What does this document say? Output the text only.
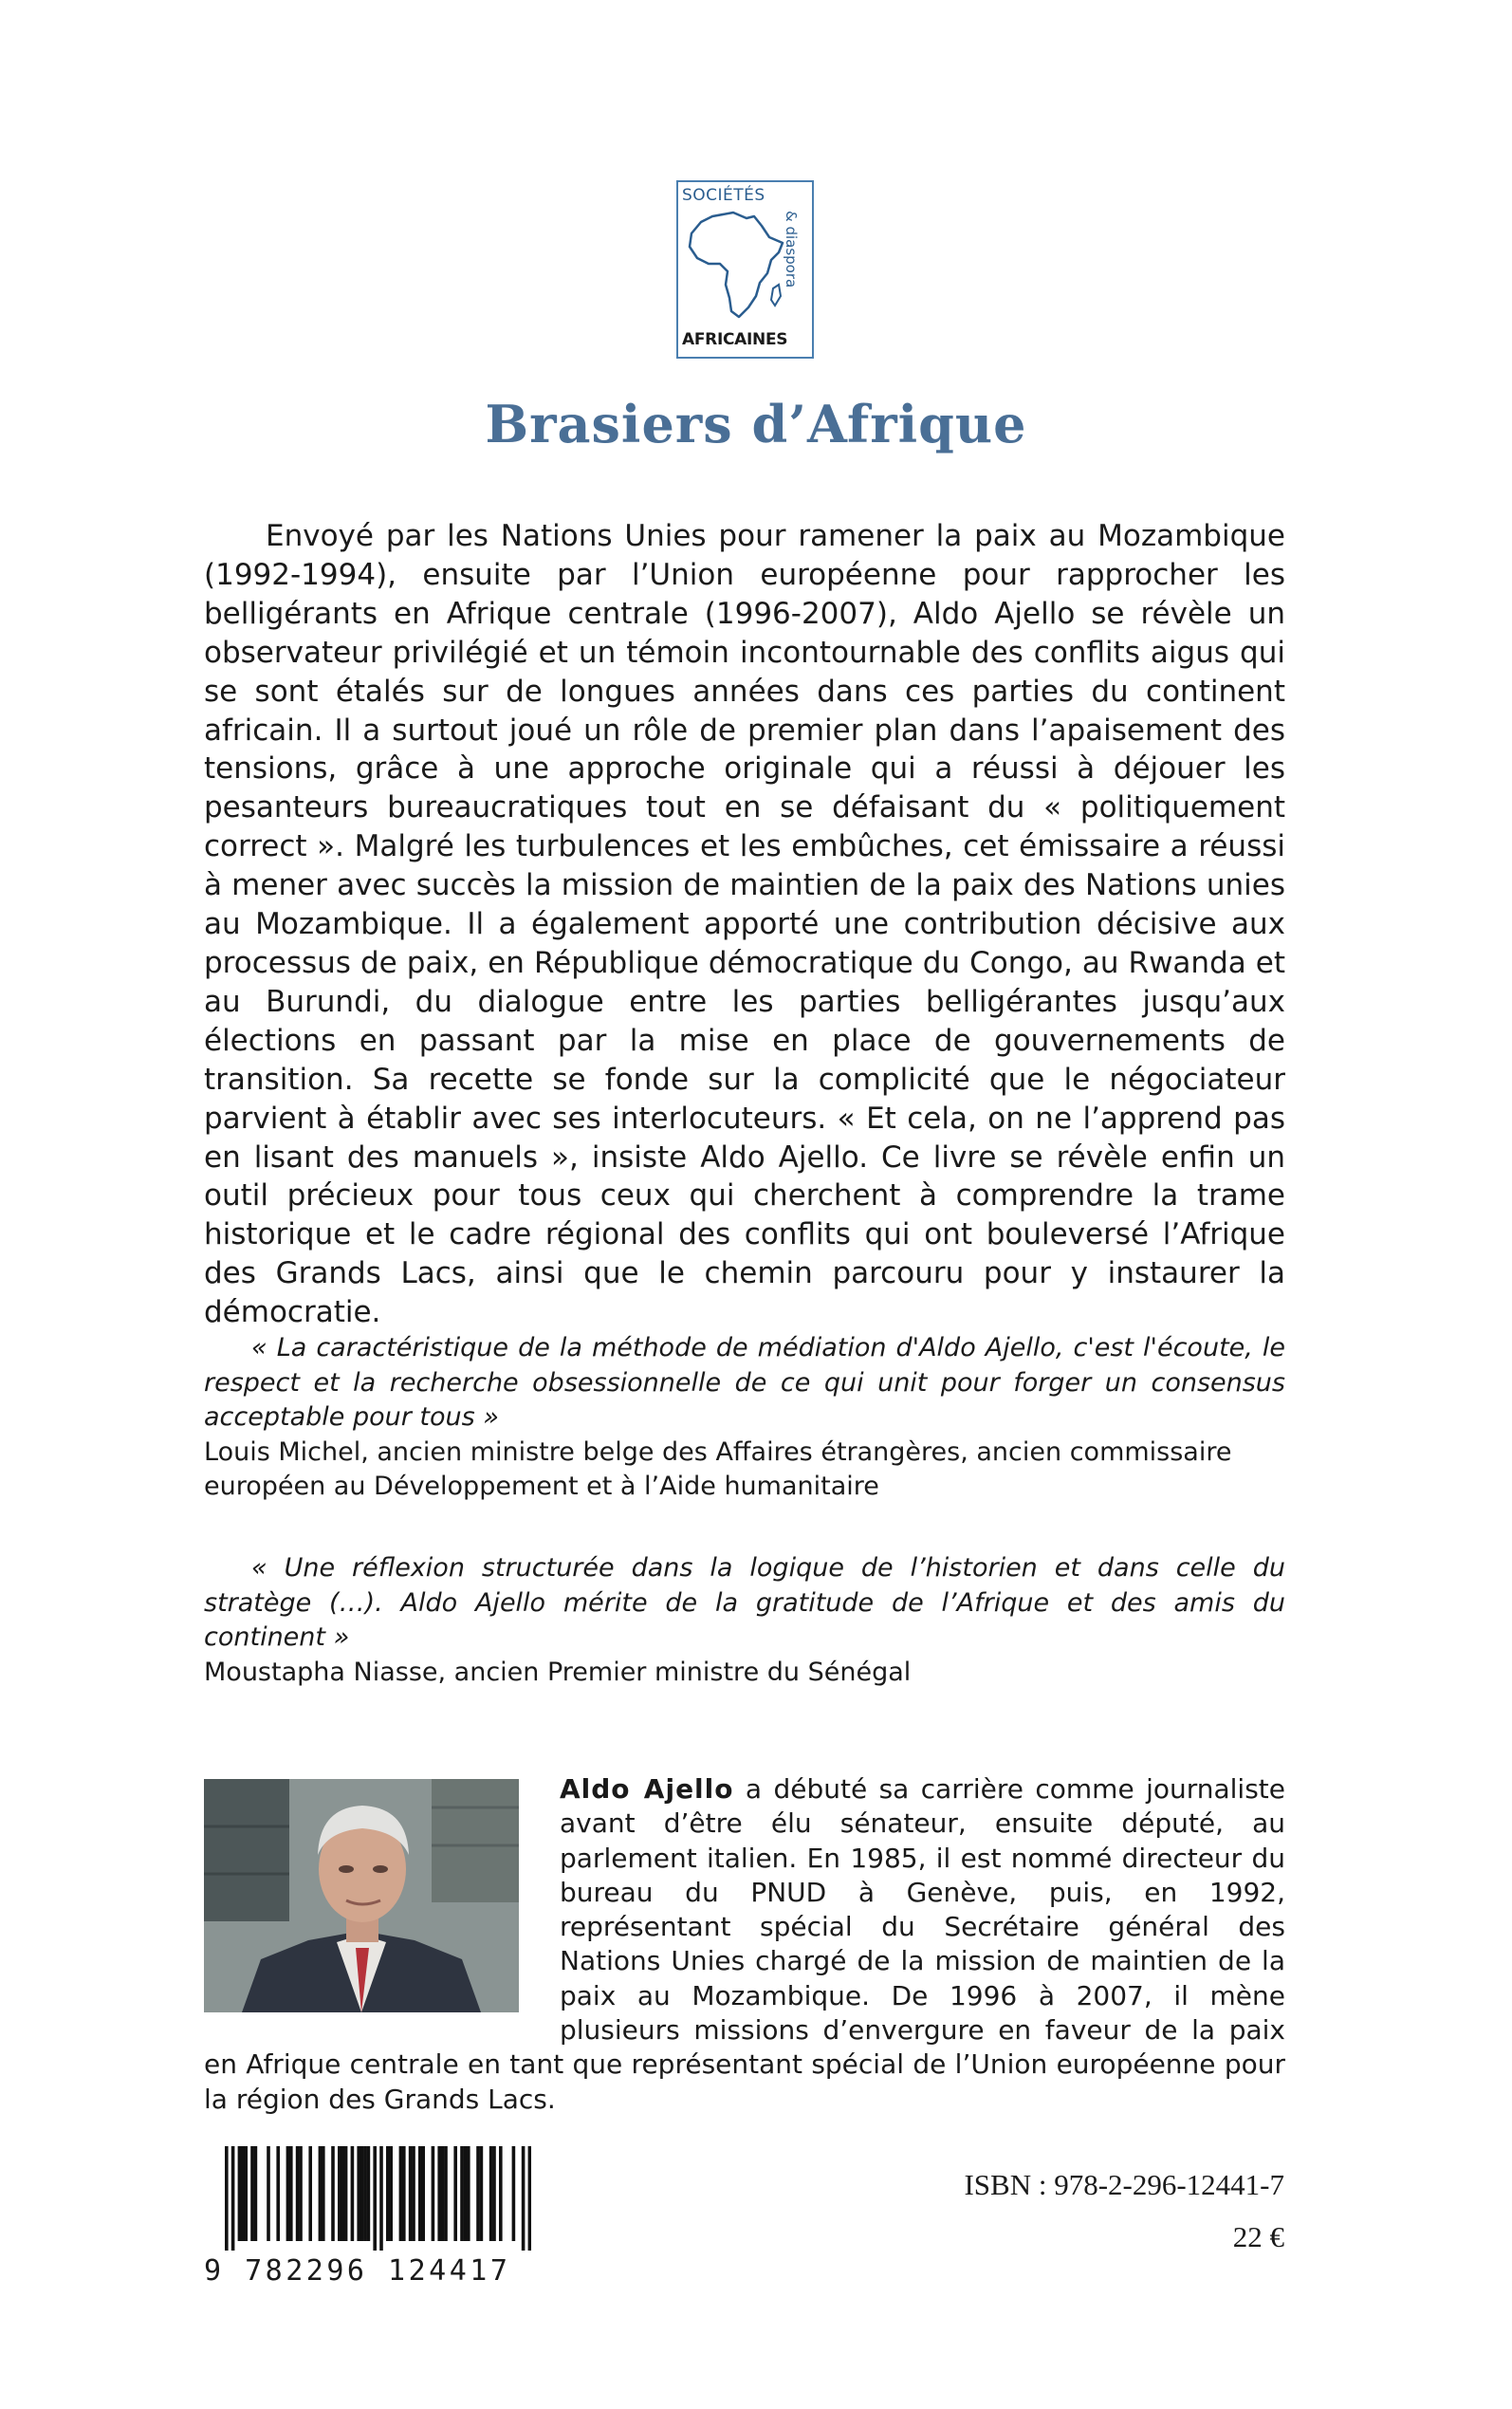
SOCIÉTÉS
& diaspora
AFRICAINES
Brasiers d’Afrique

Envoyé par les Nations Unies pour ramener la paix au Mozambique (1992-1994), ensuite par l’Union européenne pour rapprocher les belligérants en Afrique centrale (1996-2007), Aldo Ajello se révèle un observateur privilégié et un témoin incontournable des conflits aigus qui se sont étalés sur de longues années dans ces parties du continent africain. Il a surtout joué un rôle de premier plan dans l’apaisement des tensions, grâce à une approche originale qui a réussi à déjouer les pesanteurs bureaucratiques tout en se défaisant du « politiquement correct ». Malgré les turbulences et les embûches, cet émissaire a réussi à mener avec succès la mission de maintien de la paix des Nations unies au Mozambique. Il a également apporté une contribution décisive aux processus de paix, en République démocratique du Congo, au Rwanda et au Burundi, du dialogue entre les parties belligérantes jusqu’aux élections en passant par la mise en place de gouvernements de transition. Sa recette se fonde sur la complicité que le négociateur parvient à établir avec ses interlocuteurs. « Et cela, on ne l’apprend pas en lisant des manuels », insiste Aldo Ajello. Ce livre se révèle enfin un outil précieux pour tous ceux qui cherchent à comprendre la trame historique et le cadre régional des conflits qui ont bouleversé l’Afrique des Grands Lacs, ainsi que le chemin parcouru pour y instaurer la démocratie.

« La caractéristique de la méthode de médiation d'Aldo Ajello, c'est l'écoute, le respect et la recherche obsessionnelle de ce qui unit pour forger un consensus acceptable pour tous »

Louis Michel, ancien ministre belge des Affaires étrangères, ancien commissaire européen au Développement et à l’Aide humanitaire

« Une réflexion structurée dans la logique de l’historien et dans celle du stratège (…). Aldo Ajello mérite de la gratitude de l’Afrique et des amis du continent »

Moustapha Niasse, ancien Premier ministre du Sénégal

Aldo Ajello a débuté sa carrière comme journaliste avant d’être élu sénateur, ensuite député, au parlement italien. En 1985, il est nommé directeur du bureau du PNUD à Genève, puis, en 1992, représentant spécial du Secrétaire général des Nations Unies chargé de la mission de maintien de la paix au Mozambique. De 1996 à 2007, il mène plusieurs missions d’envergure en faveur de la paix en Afrique centrale en tant que représentant spécial de l’Union européenne pour la région des Grands Lacs.

9 782296 124417
ISBN : 978-2-296-12441-7
22 €
